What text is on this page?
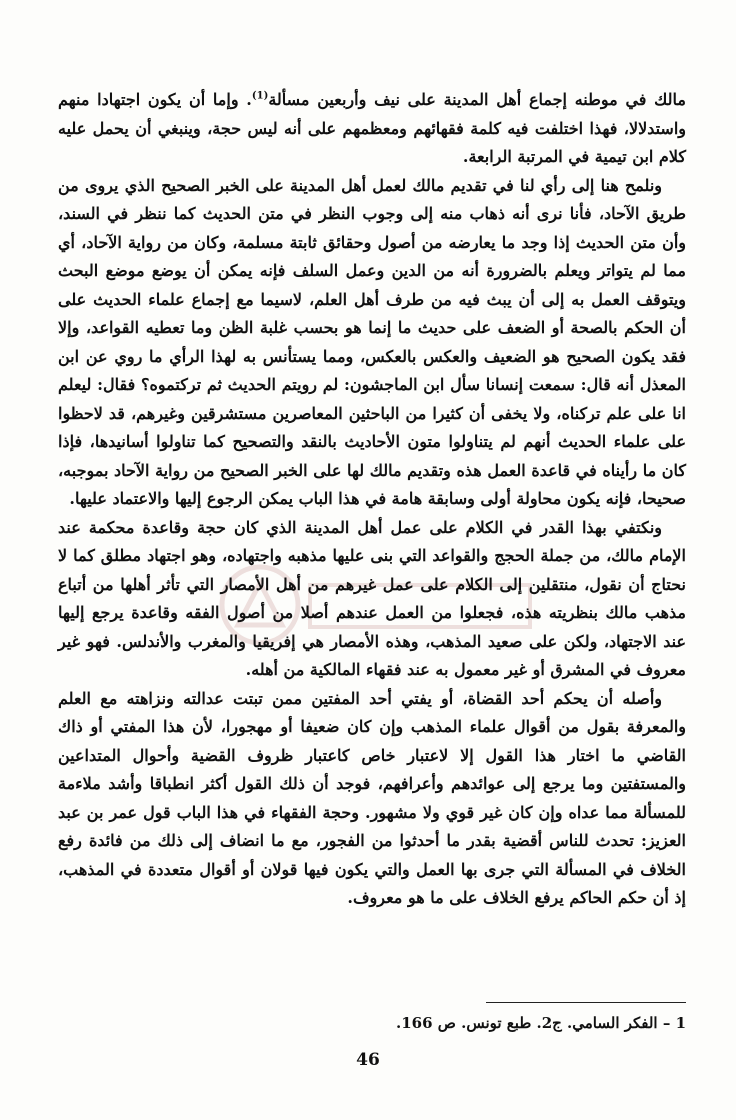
مالك في موطنه إجماع أهل المدينة على نيف وأربعين مسألة$^{(1)}$. وإما أن يكون اجتهادا منهم واستدلالا، فهذا اختلفت فيه كلمة فقهائهم ومعظمهم على أنه ليس حجة، وينبغي أن يحمل عليه كلام ابن تيمية في المرتبة الرابعة.

ونلمح هنا إلى رأي لنا في تقديم مالك لعمل أهل المدينة على الخبر الصحيح الذي يروى من طريق الآحاد، فأنا نرى أنه ذهاب منه إلى وجوب النظر في متن الحديث كما ننظر في السند، وأن متن الحديث إذا وجد ما يعارضه من أصول وحقائق ثابتة مسلمة، وكان من رواية الآحاد، أي مما لم يتواتر ويعلم بالضرورة أنه من الدين وعمل السلف فإنه يمكن أن يوضع موضع البحث ويتوقف العمل به إلى أن يبث فيه من طرف أهل العلم، لاسيما مع إجماع علماء الحديث على أن الحكم بالصحة أو الضعف على حديث ما إنما هو بحسب غلبة الظن وما تعطيه القواعد، وإلا فقد يكون الصحيح هو الضعيف والعكس بالعكس، ومما يستأنس به لهذا الرأي ما روي عن ابن المعذل أنه قال: سمعت إنسانا سأل ابن الماجشون: لم رويتم الحديث ثم تركتموه؟ فقال: ليعلم انا على علم تركناه، ولا يخفى أن كثيرا من الباحثين المعاصرين مستشرقين وغيرهم، قد لاحظوا على علماء الحديث أنهم لم يتناولوا متون الأحاديث بالنقد والتصحيح كما تناولوا أسانيدها، فإذا كان ما رأيناه في قاعدة العمل هذه وتقديم مالك لها على الخبر الصحيح من رواية الآحاد بموجبه، صحيحا، فإنه يكون محاولة أولى وسابقة هامة في هذا الباب يمكن الرجوع إليها والاعتماد عليها.

ونكتفي بهذا القدر في الكلام على عمل أهل المدينة الذي كان حجة وقاعدة محكمة عند الإمام مالك، من جملة الحجج والقواعد التي بنى عليها مذهبه واجتهاده، وهو اجتهاد مطلق كما لا نحتاج أن نقول، منتقلين إلى الكلام على عمل غيرهم من أهل الأمصار التي تأثر أهلها من أتباع مذهب مالك بنظريته هذه، فجعلوا من العمل عندهم أصلا من أصول الفقه وقاعدة يرجع إليها عند الاجتهاد، ولكن على صعيد المذهب، وهذه الأمصار هي إفريقيا والمغرب والأندلس. فهو غير معروف في المشرق أو غير معمول به عند فقهاء المالكية من أهله.

وأصله أن يحكم أحد القضاة، أو يفتي أحد المفتين ممن تبتت عدالته ونزاهته مع العلم والمعرفة بقول من أقوال علماء المذهب وإن كان ضعيفا أو مهجورا، لأن هذا المفتي أو ذاك القاضي ما اختار هذا القول إلا لاعتبار خاص كاعتبار ظروف القضية وأحوال المتداعين والمستفتين وما يرجع إلى عوائدهم وأعرافهم، فوجد أن ذلك القول أكثر انطباقا وأشد ملاءمة للمسألة مما عداه وإن كان غير قوي ولا مشهور. وحجة الفقهاء في هذا الباب قول عمر بن عبد العزيز: تحدث للناس أقضية بقدر ما أحدثوا من الفجور، مع ما انضاف إلى ذلك من فائدة رفع الخلاف في المسألة التي جرى بها العمل والتي يكون فيها قولان أو أقوال متعددة في المذهب، إذ أن حكم الحاكم يرفع الخلاف على ما هو معروف.

1 – الفكر السامي. ج2. طبع تونس. ص 166.
46
